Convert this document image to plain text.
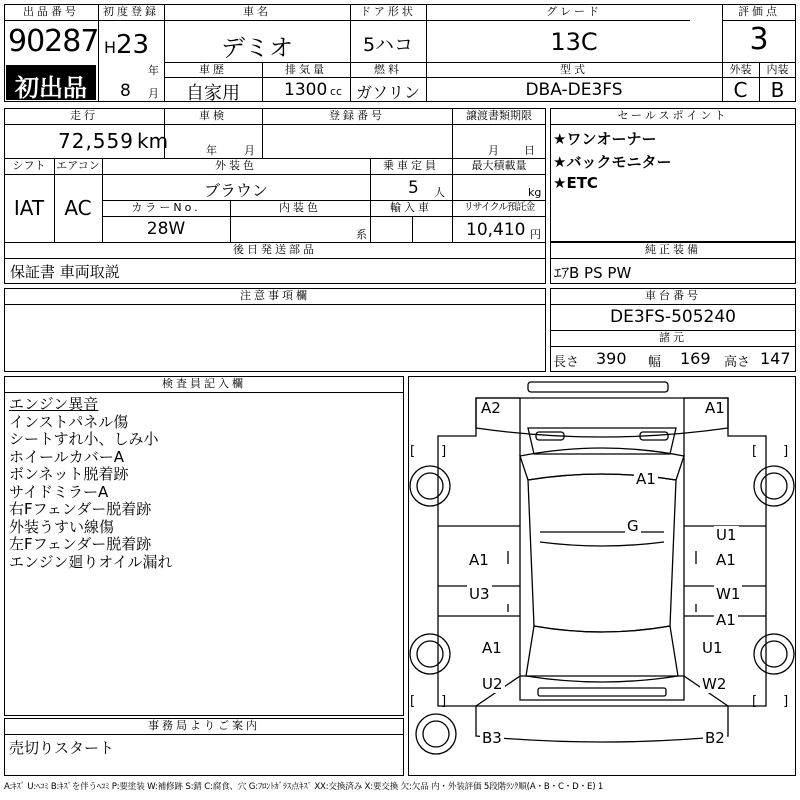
出品番号
90287
初出品
初度登録
H 23
年
8 月
車名
デミオ
ドア形状
5ハコ
グレード
13C
評価点
3
車歴
自家用
排気量
1300 cc
燃料
ガソリン
型式
DBA-DE3FS
外装	内装
C	B
走行
72,559 km
車検
年 月
登録番号	譲渡書類期限
月 日
シフト エアコン
IAT	AC
外装色
ブラウン
乗車定員
5 人
最大積載量
kg
カラーNo.
28W
内装色
系
輸入車	リサイクル預託金
10,410 円
後日発送部品
保証書 車両取説
セールスポイント
★ワンオーナー
★バックモニター
★ETC
純正装備
ｴｱB PS PW
注意事項欄	車台番号
DE3FS-505240
諸元
長さ 390 幅 169 高さ 147
検査員記入欄
エンジン異音
インストパネル傷
シートすれ小、しみ小
ホイールカバーA
ボンネット脱着跡
サイドミラーA
右Fフェンダー脱着跡
外装うすい線傷
左Fフェンダー脱着跡
エンジン廻りオイル漏れ
事務局よりご案内
売切りスタート
[　　]	[　　]
[　　]	[　　]
A2	A1
A1
G
A1
U3
A1
U2
B3	B2
U1
A1
W1
A1
U1
W2
A:ｷｽﾞ U:ﾍｺﾐ B:ｷｽﾞを伴うﾍｺﾐ P:要塗装 W:補修跡 S:錆 C:腐食、穴 G:ﾌﾛﾝﾄｶﾞﾗｽ点ｷｽﾞ XX:交換済み X:要交換 欠:欠品 内・外装評価 5段階ﾗﾝｸ順(A・B・C・D・E) 1
